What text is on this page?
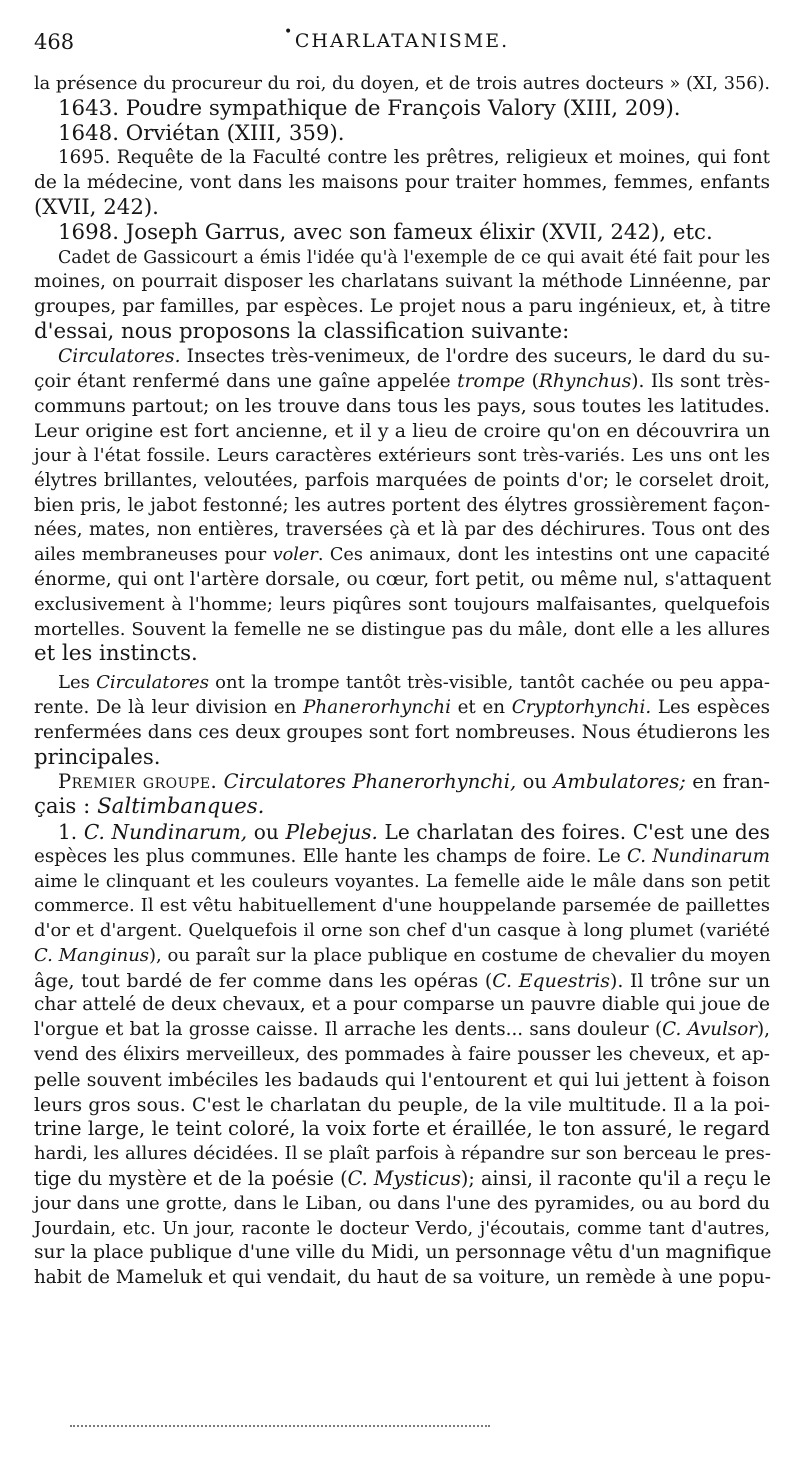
468	• CHARLATANISME.
la présence du procureur du roi, du doyen, et de trois autres docteurs » (XI, 356).
1643. Poudre sympathique de François Valory (XIII, 209).
1648. Orviétan (XIII, 359).
1695. Requête de la Faculté contre les prêtres, religieux et moines, qui font
de la médecine, vont dans les maisons pour traiter hommes, femmes, enfants
(XVII, 242).
1698. Joseph Garrus, avec son fameux élixir (XVII, 242), etc.
Cadet de Gassicourt a émis l'idée qu'à l'exemple de ce qui avait été fait pour les
moines, on pourrait disposer les charlatans suivant la méthode Linnéenne, par
groupes, par familles, par espèces. Le projet nous a paru ingénieux, et, à titre
d'essai, nous proposons la classification suivante:
Circulatores. Insectes très-venimeux, de l'ordre des suceurs, le dard du su-
çoir étant renfermé dans une gaîne appelée trompe (Rhynchus). Ils sont très-
communs partout; on les trouve dans tous les pays, sous toutes les latitudes.
Leur origine est fort ancienne, et il y a lieu de croire qu'on en découvrira un
jour à l'état fossile. Leurs caractères extérieurs sont très-variés. Les uns ont les
élytres brillantes, veloutées, parfois marquées de points d'or; le corselet droit,
bien pris, le jabot festonné; les autres portent des élytres grossièrement façon-
nées, mates, non entières, traversées çà et là par des déchirures. Tous ont des
ailes membraneuses pour voler. Ces animaux, dont les intestins ont une capacité
énorme, qui ont l'artère dorsale, ou cœur, fort petit, ou même nul, s'attaquent
exclusivement à l'homme; leurs piqûres sont toujours malfaisantes, quelquefois
mortelles. Souvent la femelle ne se distingue pas du mâle, dont elle a les allures
et les instincts.
Les Circulatores ont la trompe tantôt très-visible, tantôt cachée ou peu appa-
rente. De là leur division en Phanerorhynchi et en Cryptorhynchi. Les espèces
renfermées dans ces deux groupes sont fort nombreuses. Nous étudierons les
principales.
Premier groupe. Circulatores Phanerorhynchi, ou Ambulatores; en fran-
çais : Saltimbanques.
1. C. Nundinarum, ou Plebejus. Le charlatan des foires. C'est une des
espèces les plus communes. Elle hante les champs de foire. Le C. Nundinarum
aime le clinquant et les couleurs voyantes. La femelle aide le mâle dans son petit
commerce. Il est vêtu habituellement d'une houppelande parsemée de paillettes
d'or et d'argent. Quelquefois il orne son chef d'un casque à long plumet (variété
C. Manginus), ou paraît sur la place publique en costume de chevalier du moyen
âge, tout bardé de fer comme dans les opéras (C. Equestris). Il trône sur un
char attelé de deux chevaux, et a pour comparse un pauvre diable qui joue de
l'orgue et bat la grosse caisse. Il arrache les dents... sans douleur (C. Avulsor),
vend des élixirs merveilleux, des pommades à faire pousser les cheveux, et ap-
pelle souvent imbéciles les badauds qui l'entourent et qui lui jettent à foison
leurs gros sous. C'est le charlatan du peuple, de la vile multitude. Il a la poi-
trine large, le teint coloré, la voix forte et éraillée, le ton assuré, le regard
hardi, les allures décidées. Il se plaît parfois à répandre sur son berceau le pres-
tige du mystère et de la poésie (C. Mysticus); ainsi, il raconte qu'il a reçu le
jour dans une grotte, dans le Liban, ou dans l'une des pyramides, ou au bord du
Jourdain, etc. Un jour, raconte le docteur Verdo, j'écoutais, comme tant d'autres,
sur la place publique d'une ville du Midi, un personnage vêtu d'un magnifique
habit de Mameluk et qui vendait, du haut de sa voiture, un remède à une popu-
